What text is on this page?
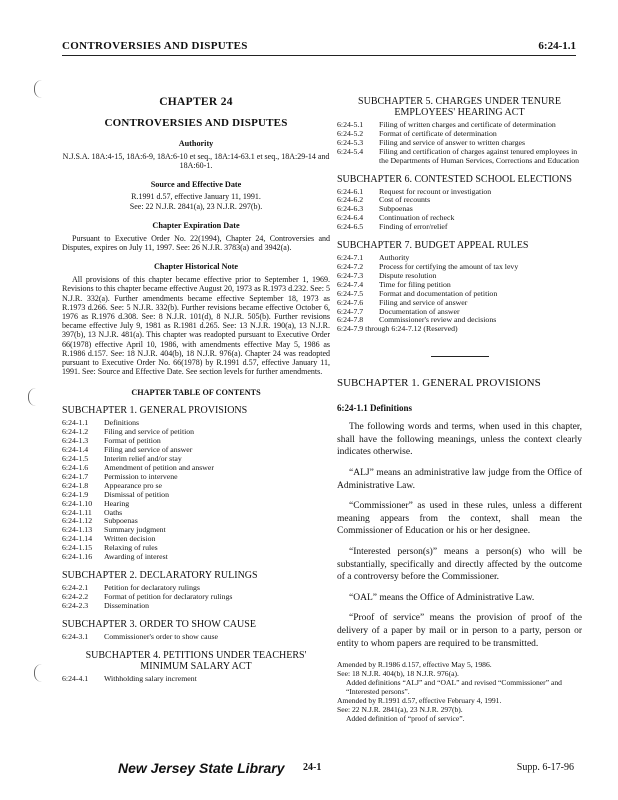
CONTROVERSIES AND DISPUTES	6:24-1.1
CHAPTER 24
CONTROVERSIES AND DISPUTES
Authority
N.J.S.A. 18A:4-15, 18A:6-9, 18A:6-10 et seq., 18A:14-63.1 et seq., 18A:29-14 and 18A:60-1.
Source and Effective Date
R.1991 d.57, effective January 11, 1991.
See: 22 N.J.R. 2841(a), 23 N.J.R. 297(b).
Chapter Expiration Date
Pursuant to Executive Order No. 22(1994), Chapter 24, Controversies and Disputes, expires on July 11, 1997. See: 26 N.J.R. 3783(a) and 3942(a).
Chapter Historical Note
All provisions of this chapter became effective prior to September 1, 1969. Revisions to this chapter became effective August 20, 1973 as R.1973 d.232. See: 5 N.J.R. 332(a). Further amendments became effective September 18, 1973 as R.1973 d.266. See: 5 N.J.R. 332(b). Further revisions became effective October 6, 1976 as R.1976 d.308. See: 8 N.J.R. 101(d), 8 N.J.R. 505(b). Further revisions became effective July 9, 1981 as R.1981 d.265. See: 13 N.J.R. 190(a), 13 N.J.R. 397(b), 13 N.J.R. 481(a). This chapter was readopted pursuant to Executive Order 66(1978) effective April 10, 1986, with amendments effective May 5, 1986 as R.1986 d.157. See: 18 N.J.R. 404(b), 18 N.J.R. 976(a). Chapter 24 was readopted pursuant to Executive Order No. 66(1978) by R.1991 d.57, effective January 11, 1991. See: Source and Effective Date. See section levels for further amendments.
CHAPTER TABLE OF CONTENTS
SUBCHAPTER 1. GENERAL PROVISIONS
6:24-1.1	Definitions
6:24-1.2	Filing and service of petition
6:24-1.3	Format of petition
6:24-1.4	Filing and service of answer
6:24-1.5	Interim relief and/or stay
6:24-1.6	Amendment of petition and answer
6:24-1.7	Permission to intervene
6:24-1.8	Appearance pro se
6:24-1.9	Dismissal of petition
6:24-1.10	Hearing
6:24-1.11	Oaths
6:24-1.12	Subpoenas
6:24-1.13	Summary judgment
6:24-1.14	Written decision
6:24-1.15	Relaxing of rules
6:24-1.16	Awarding of interest
SUBCHAPTER 2. DECLARATORY RULINGS
6:24-2.1	Petition for declaratory rulings
6:24-2.2	Format of petition for declaratory rulings
6:24-2.3	Dissemination
SUBCHAPTER 3. ORDER TO SHOW CAUSE
6:24-3.1	Commissioner's order to show cause
SUBCHAPTER 4. PETITIONS UNDER TEACHERS' MINIMUM SALARY ACT
6:24-4.1	Withholding salary increment
SUBCHAPTER 5. CHARGES UNDER TENURE EMPLOYEES' HEARING ACT
6:24-5.1	Filing of written charges and certificate of determination
6:24-5.2	Format of certificate of determination
6:24-5.3	Filing and service of answer to written charges
6:24-5.4	Filing and certification of charges against tenured employees in the Departments of Human Services, Corrections and Education
SUBCHAPTER 6. CONTESTED SCHOOL ELECTIONS
6:24-6.1	Request for recount or investigation
6:24-6.2	Cost of recounts
6:24-6.3	Subpoenas
6:24-6.4	Continuation of recheck
6:24-6.5	Finding of error/relief
SUBCHAPTER 7. BUDGET APPEAL RULES
6:24-7.1	Authority
6:24-7.2	Process for certifying the amount of tax levy
6:24-7.3	Dispute resolution
6:24-7.4	Time for filing petition
6:24-7.5	Format and documentation of petition
6:24-7.6	Filing and service of answer
6:24-7.7	Documentation of answer
6:24-7.8	Commissioner's review and decisions
6:24-7.9 through 6:24-7.12 (Reserved)
SUBCHAPTER 1. GENERAL PROVISIONS
6:24-1.1 Definitions
The following words and terms, when used in this chapter, shall have the following meanings, unless the context clearly indicates otherwise.
“ALJ” means an administrative law judge from the Office of Administrative Law.
“Commissioner” as used in these rules, unless a different meaning appears from the context, shall mean the Commissioner of Education or his or her designee.
“Interested person(s)” means a person(s) who will be substantially, specifically and directly affected by the outcome of a controversy before the Commissioner.
“OAL” means the Office of Administrative Law.
“Proof of service” means the provision of proof of the delivery of a paper by mail or in person to a party, person or entity to whom papers are required to be transmitted.
Amended by R.1986 d.157, effective May 5, 1986.
See: 18 N.J.R. 404(b), 18 N.J.R. 976(a).
Added definitions “ALJ” and “OAL” and revised “Commissioner” and “Interested persons”.
Amended by R.1991 d.57, effective February 4, 1991.
See: 22 N.J.R. 2841(a), 23 N.J.R. 297(b).
Added definition of “proof of service”.
New Jersey State Library 24-1	Supp. 6-17-96
